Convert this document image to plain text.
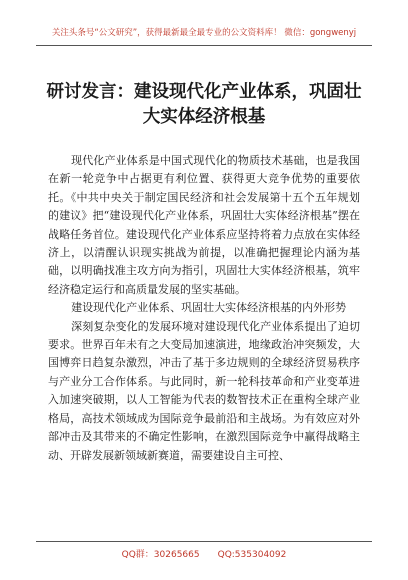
关注头条号“公文研究”，获得最新最全最专业的公文资料库！ 微信：gongwenyj
研讨发言：建设现代化产业体系，巩固壮大实体经济根基

现代化产业体系是中国式现代化的物质技术基础，也是我国在新一轮竞争中占据更有利位置、获得更大竞争优势的重要依托。《中共中央关于制定国民经济和社会发展第十五个五年规划的建议》把“建设现代化产业体系，巩固壮大实体经济根基”摆在战略任务首位。建设现代化产业体系应坚持将着力点放在实体经济上，以清醒认识现实挑战为前提，以准确把握理论内涵为基础，以明确找准主攻方向为指引，巩固壮大实体经济根基，筑牢经济稳定运行和高质量发展的坚实基础。

建设现代化产业体系、巩固壮大实体经济根基的内外形势

深刻复杂变化的发展环境对建设现代化产业体系提出了迫切要求。世界百年未有之大变局加速演进，地缘政治冲突频发，大国博弈日趋复杂激烈，冲击了基于多边规则的全球经济贸易秩序与产业分工合作体系。与此同时，新一轮科技革命和产业变革进入加速突破期，以人工智能为代表的数智技术正在重构全球产业格局，高技术领域成为国际竞争最前沿和主战场。为有效应对外部冲击及其带来的不确定性影响，在激烈国际竞争中赢得战略主动、开辟发展新领域新赛道，需要建设自主可控、

QQ群：30265665 QQ:535304092
